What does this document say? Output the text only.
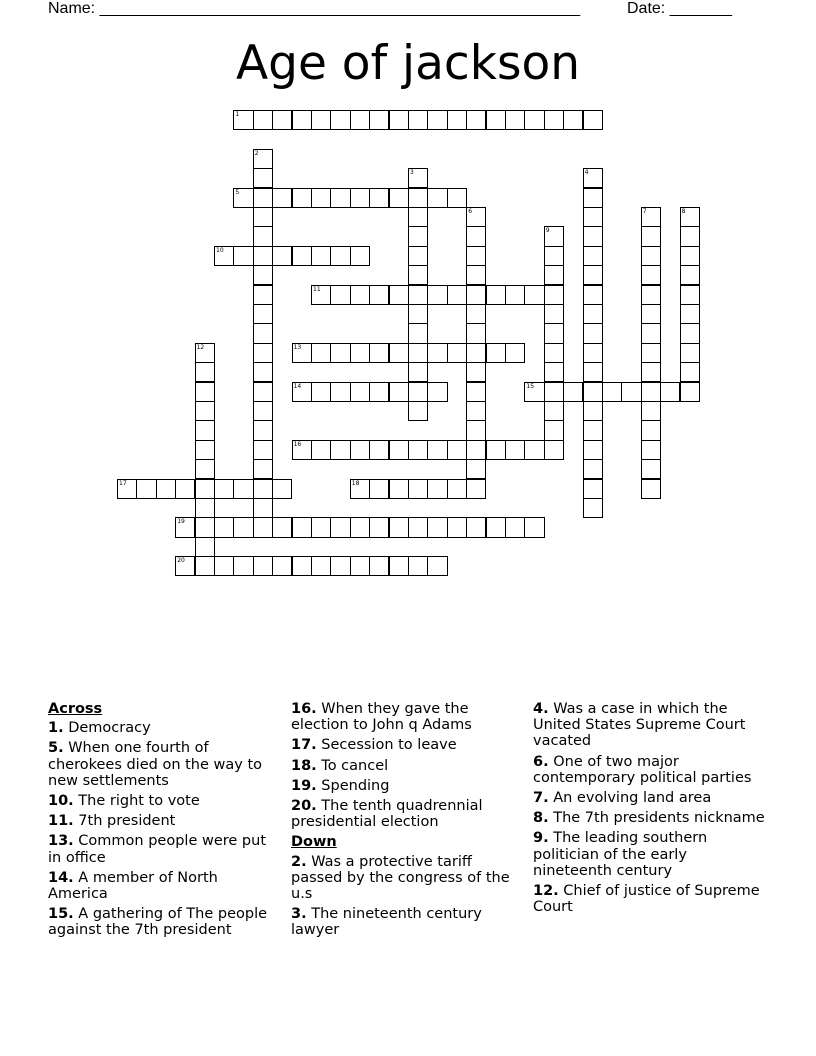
Name: ______________________________________________________	Date: _______
Age of jackson
1
2
3	4
5
6	7	8
9
10
11
12	13
14	15
16
17	18
19
20
Across
1. Democracy
5. When one fourth of cherokees died on the way to new settlements
10. The right to vote
11. 7th president
13. Common people were put in office
14. A member of North America
15. A gathering of The people against the 7th president
16. When they gave the election to John q Adams
17. Secession to leave
18. To cancel
19. Spending
20. The tenth quadrennial presidential election
Down
2. Was a protective tariff passed by the congress of the u.s
3. The nineteenth century lawyer
4. Was a case in which the United States Supreme Court vacated
6. One of two major contemporary political parties
7. An evolving land area
8. The 7th presidents nickname
9. The leading southern politician of the early nineteenth century
12. Chief of justice of Supreme Court
